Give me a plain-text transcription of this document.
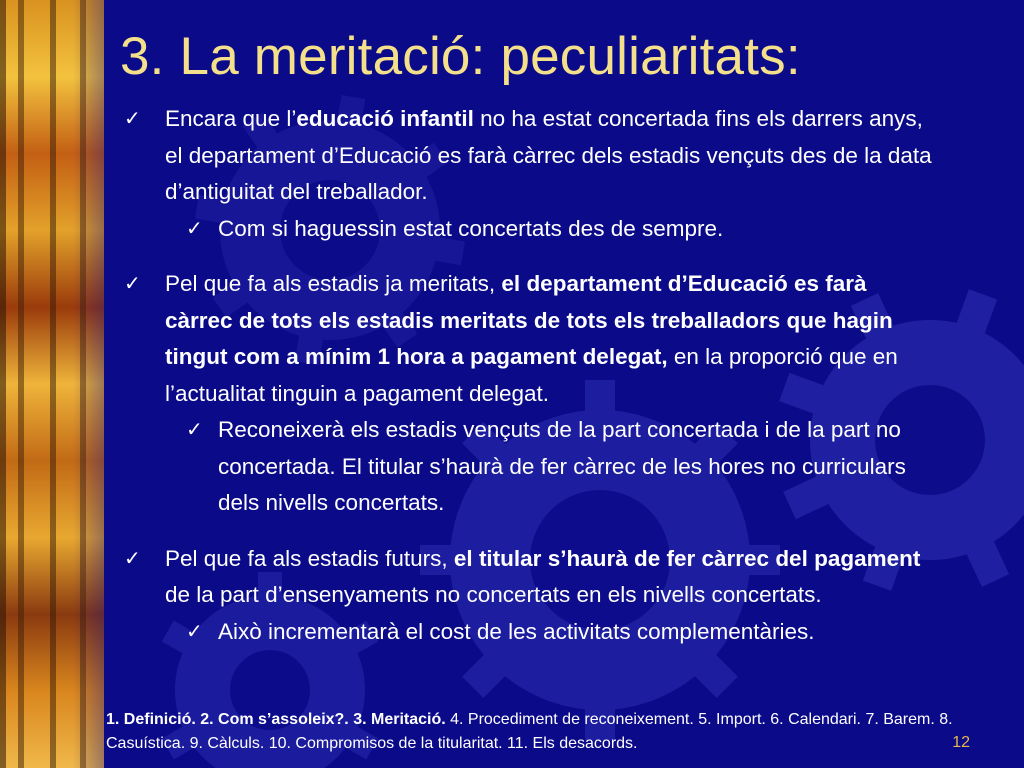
3. La meritació: peculiaritats:
✓ Encara que l’educació infantil no ha estat concertada fins els darrers anys, el departament d’Educació es farà càrrec dels estadis vençuts des de la data d’antiguitat del treballador.
✓ Com si haguessin estat concertats des de sempre.
✓ Pel que fa als estadis ja meritats, el departament d’Educació es farà càrrec de tots els estadis meritats de tots els treballadors que hagin tingut com a mínim 1 hora a pagament delegat, en la proporció que en l’actualitat tinguin a pagament delegat.
✓ Reconeixerà els estadis vençuts de la part concertada i de la part no concertada. El titular s’haurà de fer càrrec de les hores no curriculars dels nivells concertats.
✓ Pel que fa als estadis futurs, el titular s’haurà de fer càrrec del pagament de la part d’ensenyaments no concertats en els nivells concertats.
✓ Això incrementarà el cost de les activitats complementàries.
1. Definició. 2. Com s’assoleix?. 3. Meritació. 4. Procediment de reconeixement. 5. Import. 6. Calendari. 7. Barem. 8. Casuística. 9. Càlculs. 10. Compromisos de la titularitat. 11. Els desacords.	12
